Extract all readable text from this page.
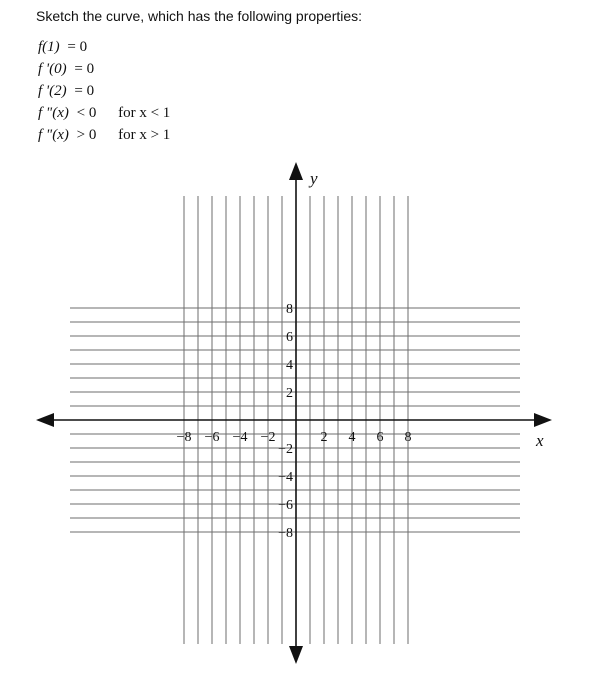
Sketch the curve, which has the following properties:
f(1) = 0
f '(0) = 0
f '(2) = 0
f "(x) < 0 for x < 1
f "(x) > 0 for x > 1
x
y
−8 −6 −4 −2	2 4 6 8
8
6
4
2
−2
−4
−6
−8
